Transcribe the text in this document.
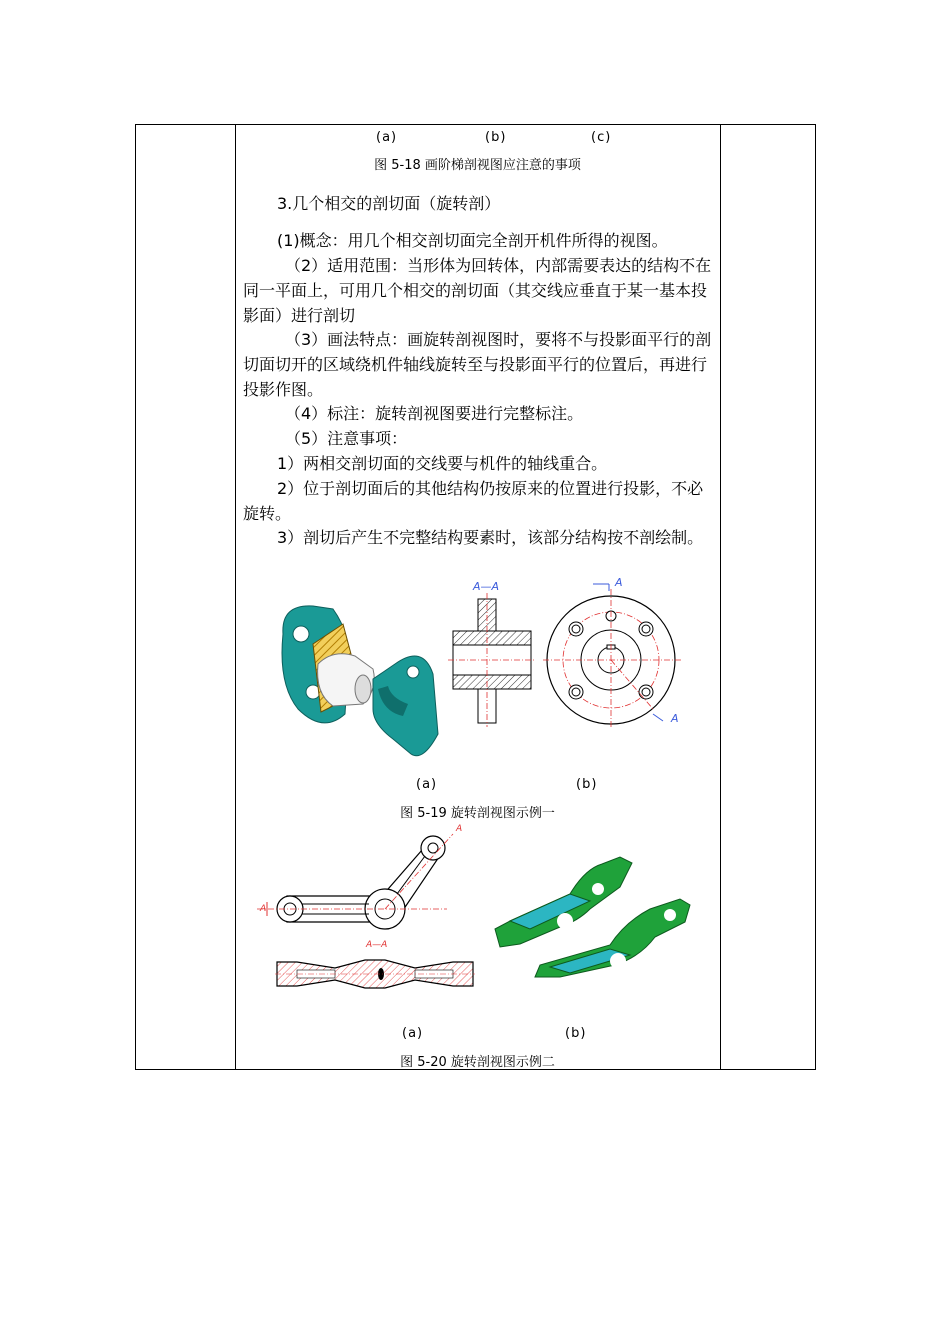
(a)	(b)	(c)
图 5-18 画阶梯剖视图应注意的事项
3.几个相交的剖切面（旋转剖）

(1)概念：用几个相交剖切面完全剖开机件所得的视图。

（2）适用范围：当形体为回转体，内部需要表达的结构不在同一平面上，可用几个相交的剖切面（其交线应垂直于某一基本投影面）进行剖切

（3）画法特点：画旋转剖视图时，要将不与投影面平行的剖切面切开的区域绕机件轴线旋转至与投影面平行的位置后，再进行投影作图。

（4）标注：旋转剖视图要进行完整标注。

（5）注意事项：

1）两相交剖切面的交线要与机件的轴线重合。

2）位于剖切面后的其他结构仍按原来的位置进行投影，不必旋转。

3）剖切后产生不完整结构要素时，该部分结构按不剖绘制。

A—A	A
A
(a)	(b)
图 5-19 旋转剖视图示例一
A
A
A—A
(a)	(b)
图 5-20 旋转剖视图示例二
